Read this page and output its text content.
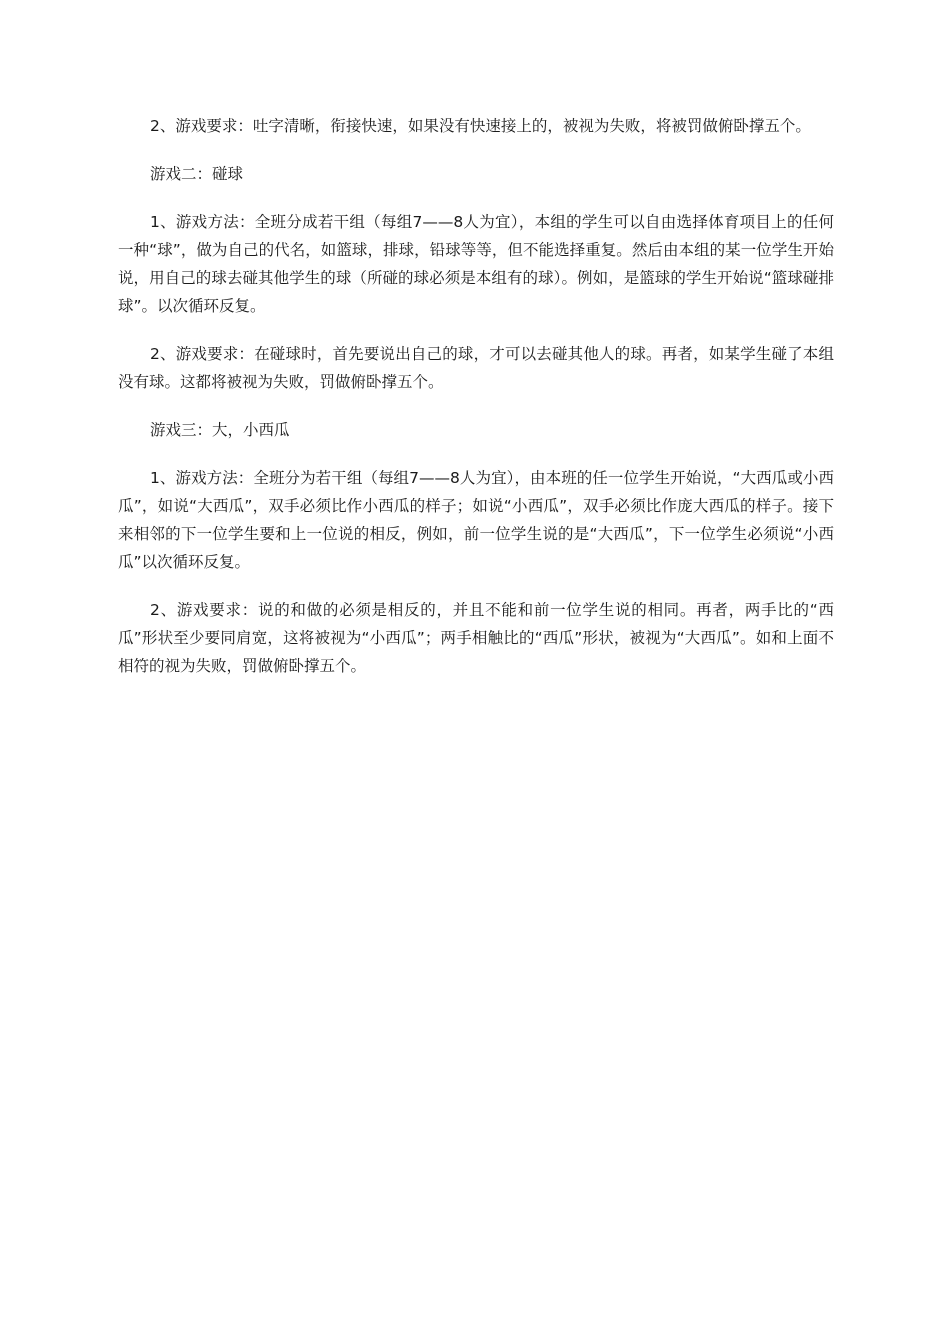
2、游戏要求：吐字清晰，衔接快速，如果没有快速接上的，被视为失败，将被罚做俯卧撑五个。

游戏二：碰球

1、游戏方法：全班分成若干组（每组7——8人为宜），本组的学生可以自由选择体育项目上的任何一种“球”，做为自己的代名，如篮球，排球，铅球等等，但不能选择重复。然后由本组的某一位学生开始说，用自己的球去碰其他学生的球（所碰的球必须是本组有的球）。例如，是篮球的学生开始说“篮球碰排球”。以次循环反复。

2、游戏要求：在碰球时，首先要说出自己的球，才可以去碰其他人的球。再者，如某学生碰了本组没有球。这都将被视为失败，罚做俯卧撑五个。

游戏三：大，小西瓜

1、游戏方法：全班分为若干组（每组7——8人为宜），由本班的任一位学生开始说，“大西瓜或小西瓜”，如说“大西瓜”，双手必须比作小西瓜的样子；如说“小西瓜”，双手必须比作庞大西瓜的样子。接下来相邻的下一位学生要和上一位说的相反，例如，前一位学生说的是“大西瓜”，下一位学生必须说“小西瓜”以次循环反复。

2、游戏要求：说的和做的必须是相反的，并且不能和前一位学生说的相同。再者，两手比的“西瓜”形状至少要同肩宽，这将被视为“小西瓜”；两手相触比的“西瓜”形状，被视为“大西瓜”。如和上面不相符的视为失败，罚做俯卧撑五个。
